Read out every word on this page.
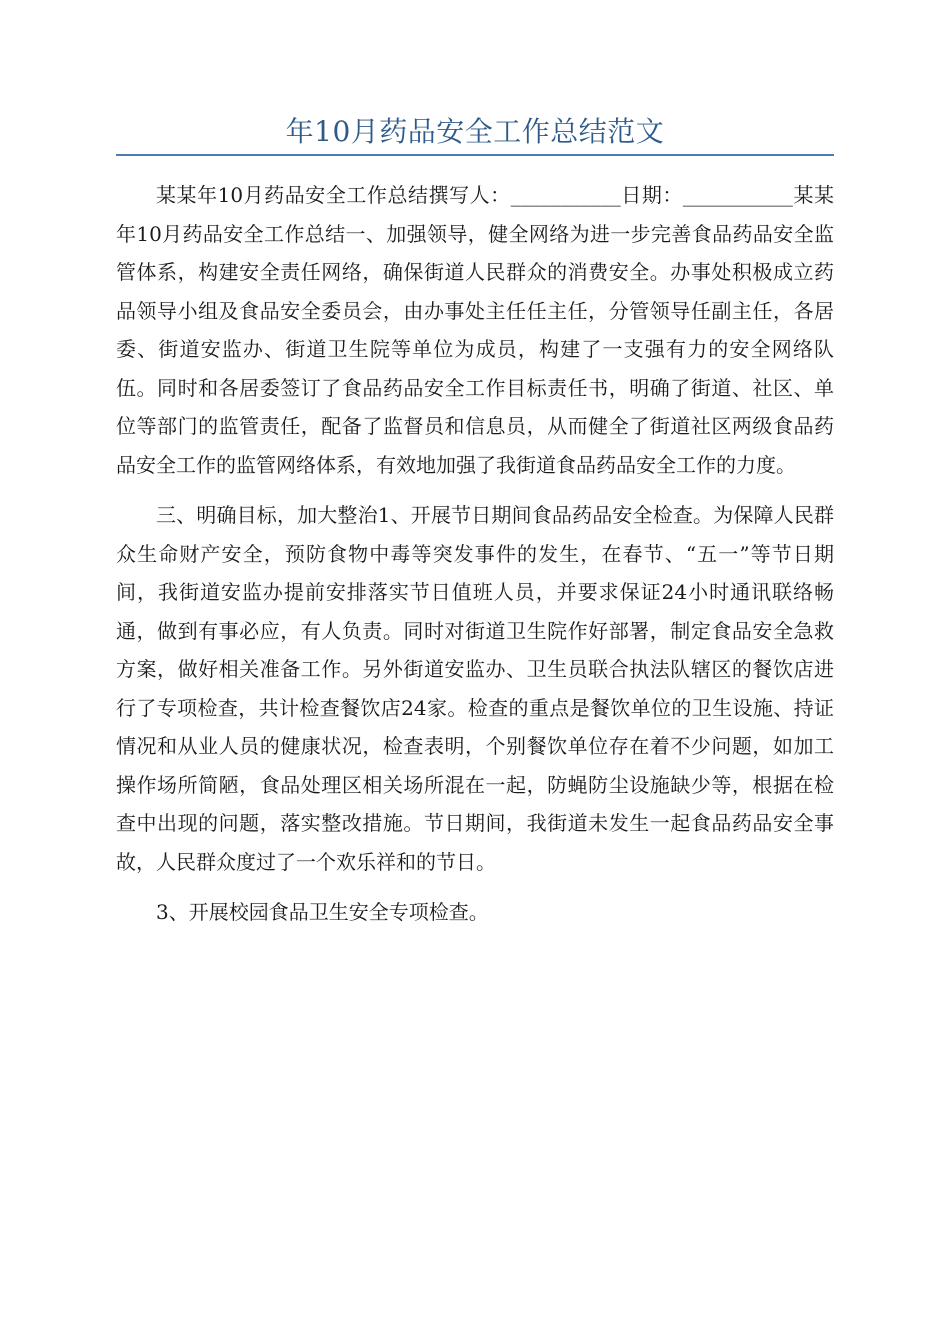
年10月药品安全工作总结范文

某某年10月药品安全工作总结撰写人：___________日期：___________某某年10月药品安全工作总结一、加强领导，健全网络为进一步完善食品药品安全监管体系，构建安全责任网络，确保街道人民群众的消费安全。办事处积极成立药品领导小组及食品安全委员会，由办事处主任任主任，分管领导任副主任，各居委、街道安监办、街道卫生院等单位为成员，构建了一支强有力的安全网络队伍。同时和各居委签订了食品药品安全工作目标责任书，明确了街道、社区、单位等部门的监管责任，配备了监督员和信息员，从而健全了街道社区两级食品药品安全工作的监管网络体系，有效地加强了我街道食品药品安全工作的力度。

三、明确目标，加大整治1、开展节日期间食品药品安全检查。为保障人民群众生命财产安全，预防食物中毒等突发事件的发生，在春节、“五一”等节日期间，我街道安监办提前安排落实节日值班人员，并要求保证24小时通讯联络畅通，做到有事必应，有人负责。同时对街道卫生院作好部署，制定食品安全急救方案，做好相关准备工作。另外街道安监办、卫生员联合执法队辖区的餐饮店进行了专项检查，共计检查餐饮店24家。检查的重点是餐饮单位的卫生设施、持证情况和从业人员的健康状况，检查表明，个别餐饮单位存在着不少问题，如加工操作场所简陋，食品处理区相关场所混在一起，防蝇防尘设施缺少等，根据在检查中出现的问题，落实整改措施。节日期间，我街道未发生一起食品药品安全事故，人民群众度过了一个欢乐祥和的节日。

3、开展校园食品卫生安全专项检查。
